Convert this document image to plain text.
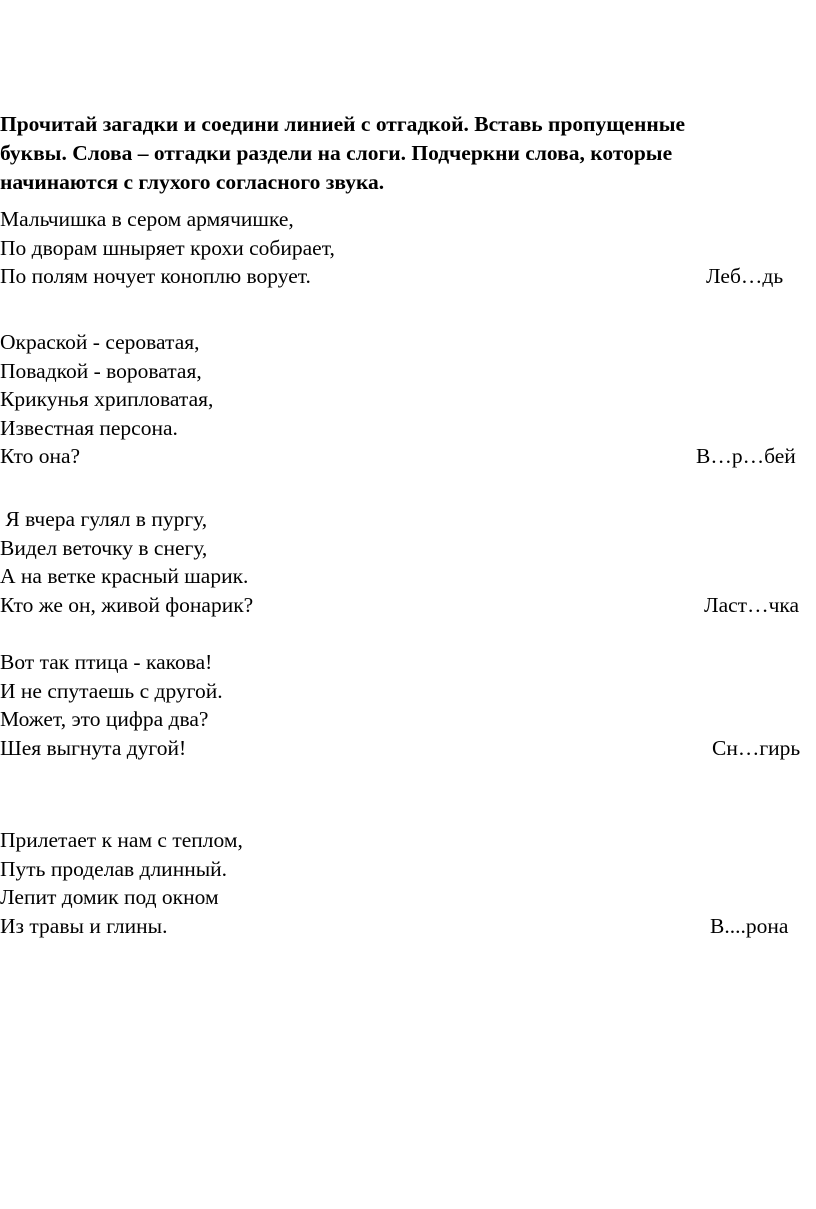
Прочитай загадки и соедини линией с отгадкой. Вставь пропущенные
буквы. Слова – отгадки раздели на слоги. Подчеркни слова, которые
начинаются с глухого согласного звука.
Мальчишка в сером армячишке,
По дворам шныряет крохи собирает,
По полям ночует коноплю ворует.	Леб…дь
Окраской - сероватая,
Повадкой - вороватая,
Крикунья хрипловатая,
Известная персона.
Кто она?	В…р…бей
Я вчера гулял в пургу,
Видел веточку в снегу,
А на ветке красный шарик.
Кто же он, живой фонарик?	Ласт…чка
Вот так птица - какова!
И не спутаешь с другой.
Может, это цифра два?
Шея выгнута дугой!	Сн…гирь
Прилетает к нам с теплом,
Путь проделав длинный.
Лепит домик под окном
Из травы и глины.	В....рона
